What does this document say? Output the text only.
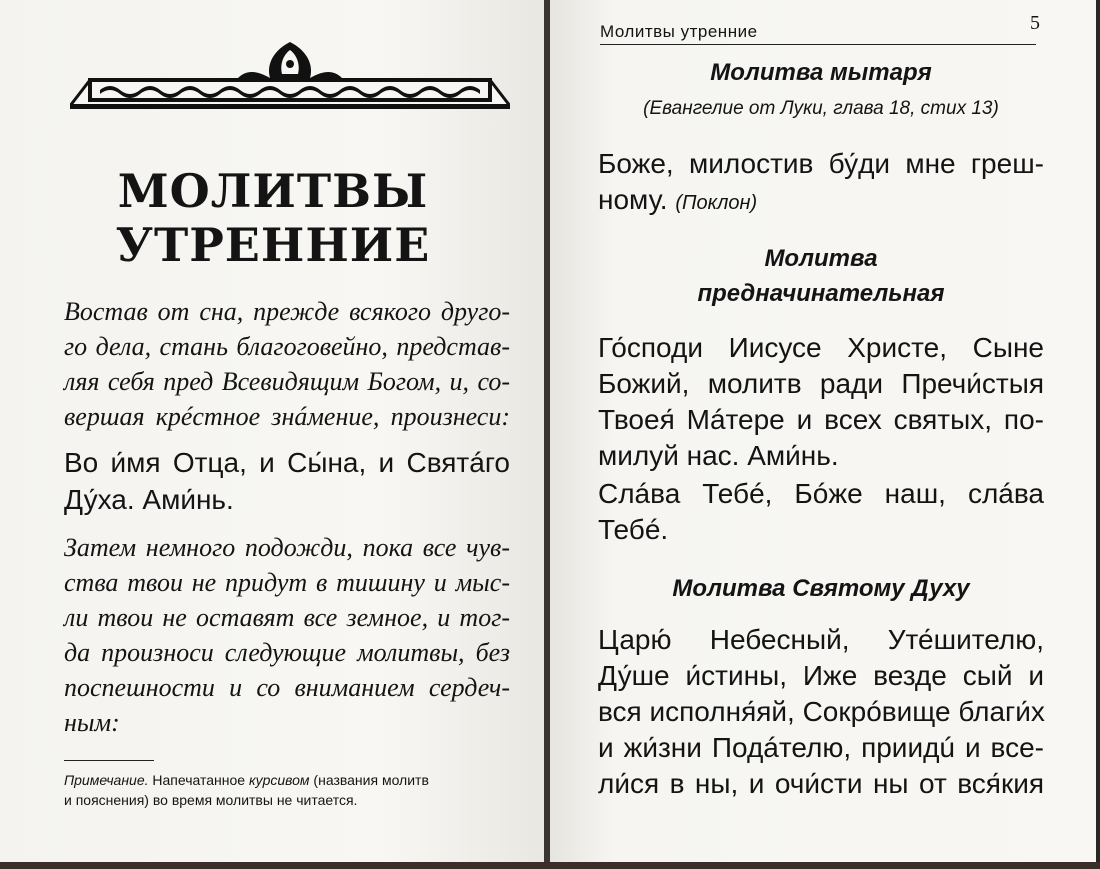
МОЛИТВЫ
УТРЕННИЕ
Востав от сна, прежде всякого друго-
го дела, стань благоговейно, представ-
ляя себя пред Всевидящим Богом, и, со-
вершая крéстное знáмение, произнеси:
Во и́мя Отца, и Сы́на, и Святáго
Ду́ха. Ами́нь.
Затем немного подожди, пока все чув-
ства твои не придут в тишину и мыс-
ли твои не оставят все земное, и тог-
да произноси следующие молитвы, без
поспешности и со вниманием сердеч-
ным:
Примечание. Напечатанное курсивом (названия молитв
и пояснения) во время молитвы не читается.
Молитвы утренние	5
Молитва мытаря
(Евангелие от Луки, глава 18, стих 13)
Боже, милостив бу́ди мне греш-
ному. (Поклон)
Молитва
предначинательная
Го́споди Иисусе Христе, Сыне
Божий, молитв ради Пречи́стыя
Твоея́ Мáтере и всех святых, по-
милуй нас. Ами́нь.
Слáва Тебé, Бóже наш, слáва
Тебé.
Молитва Святому Духу
Царю́ Небесный, Уте́шителю,
Ду́ше и́стины, Иже везде сый и
вся исполня́яй, Сокрóвище благи́х
и жи́зни Подáтелю, приидú и все-
ли́ся в ны, и очи́сти ны от вся́кия
